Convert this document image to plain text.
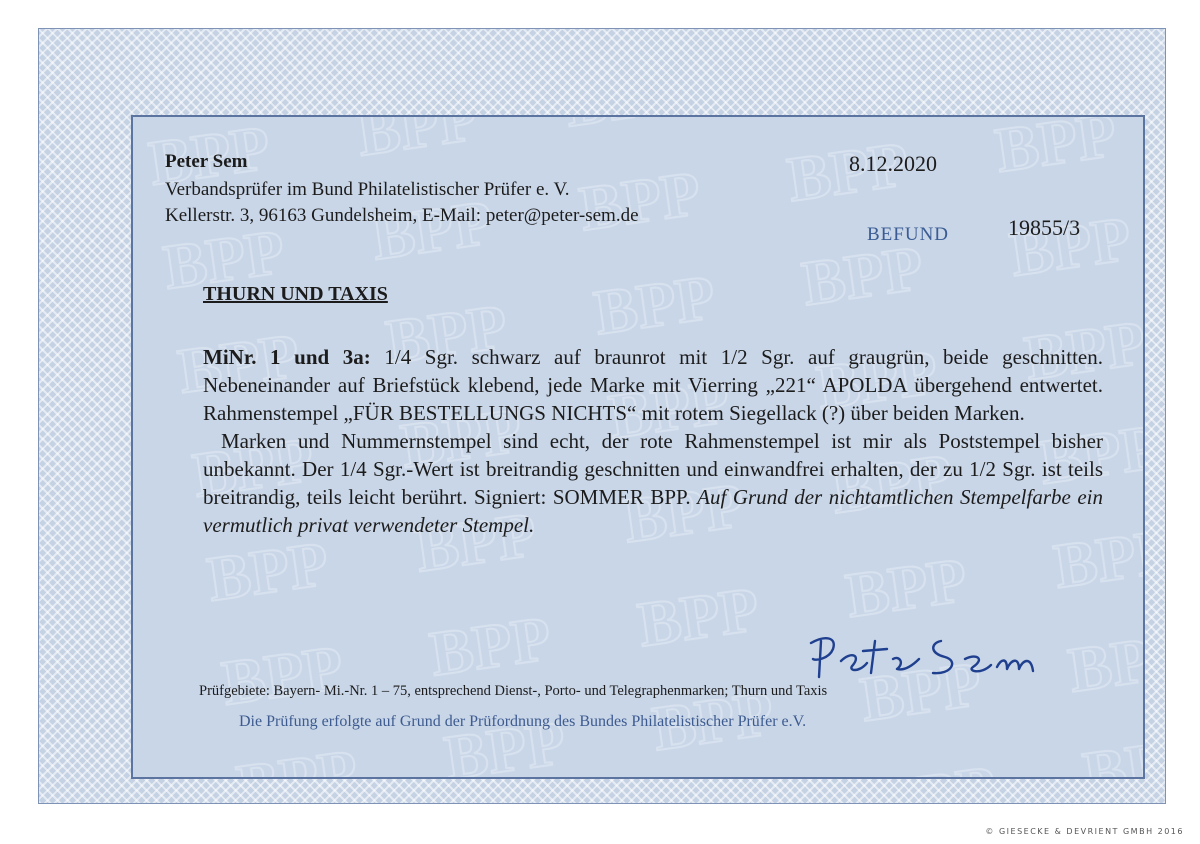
Peter Sem
Verbandsprüfer im Bund Philatelistischer Prüfer e. V.
Kellerstr. 3, 96163 Gundelsheim, E-Mail: peter@peter-sem.de
8.12.2020
BEFUND	19855/3
THURN UND TAXIS

MiNr. 1 und 3a: 1/4 Sgr. schwarz auf braunrot mit 1/2 Sgr. auf graugrün, beide geschnitten. Nebeneinander auf Briefstück klebend, jede Marke mit Vierring „221“ APOLDA übergehend entwertet. Rahmenstempel „FÜR BESTELLUNGS NICHTS“ mit rotem Siegellack (?) über beiden Marken.

Marken und Nummernstempel sind echt, der rote Rahmenstempel ist mir als Poststempel bisher unbekannt. Der 1/4 Sgr.-Wert ist breitrandig geschnitten und einwandfrei erhalten, der zu 1/2 Sgr. ist teils breitrandig, teils leicht berührt. Signiert: SOMMER BPP. Auf Grund der nichtamtlichen Stempelfarbe ein vermutlich privat verwendeter Stempel.

Prüfgebiete: Bayern- Mi.-Nr. 1 – 75, entsprechend Dienst-, Porto- und Telegraphenmarken; Thurn und Taxis
Die Prüfung erfolgte auf Grund der Prüfordnung des Bundes Philatelistischer Prüfer e.V.
© GIESECKE & DEVRIENT GMBH 2016
